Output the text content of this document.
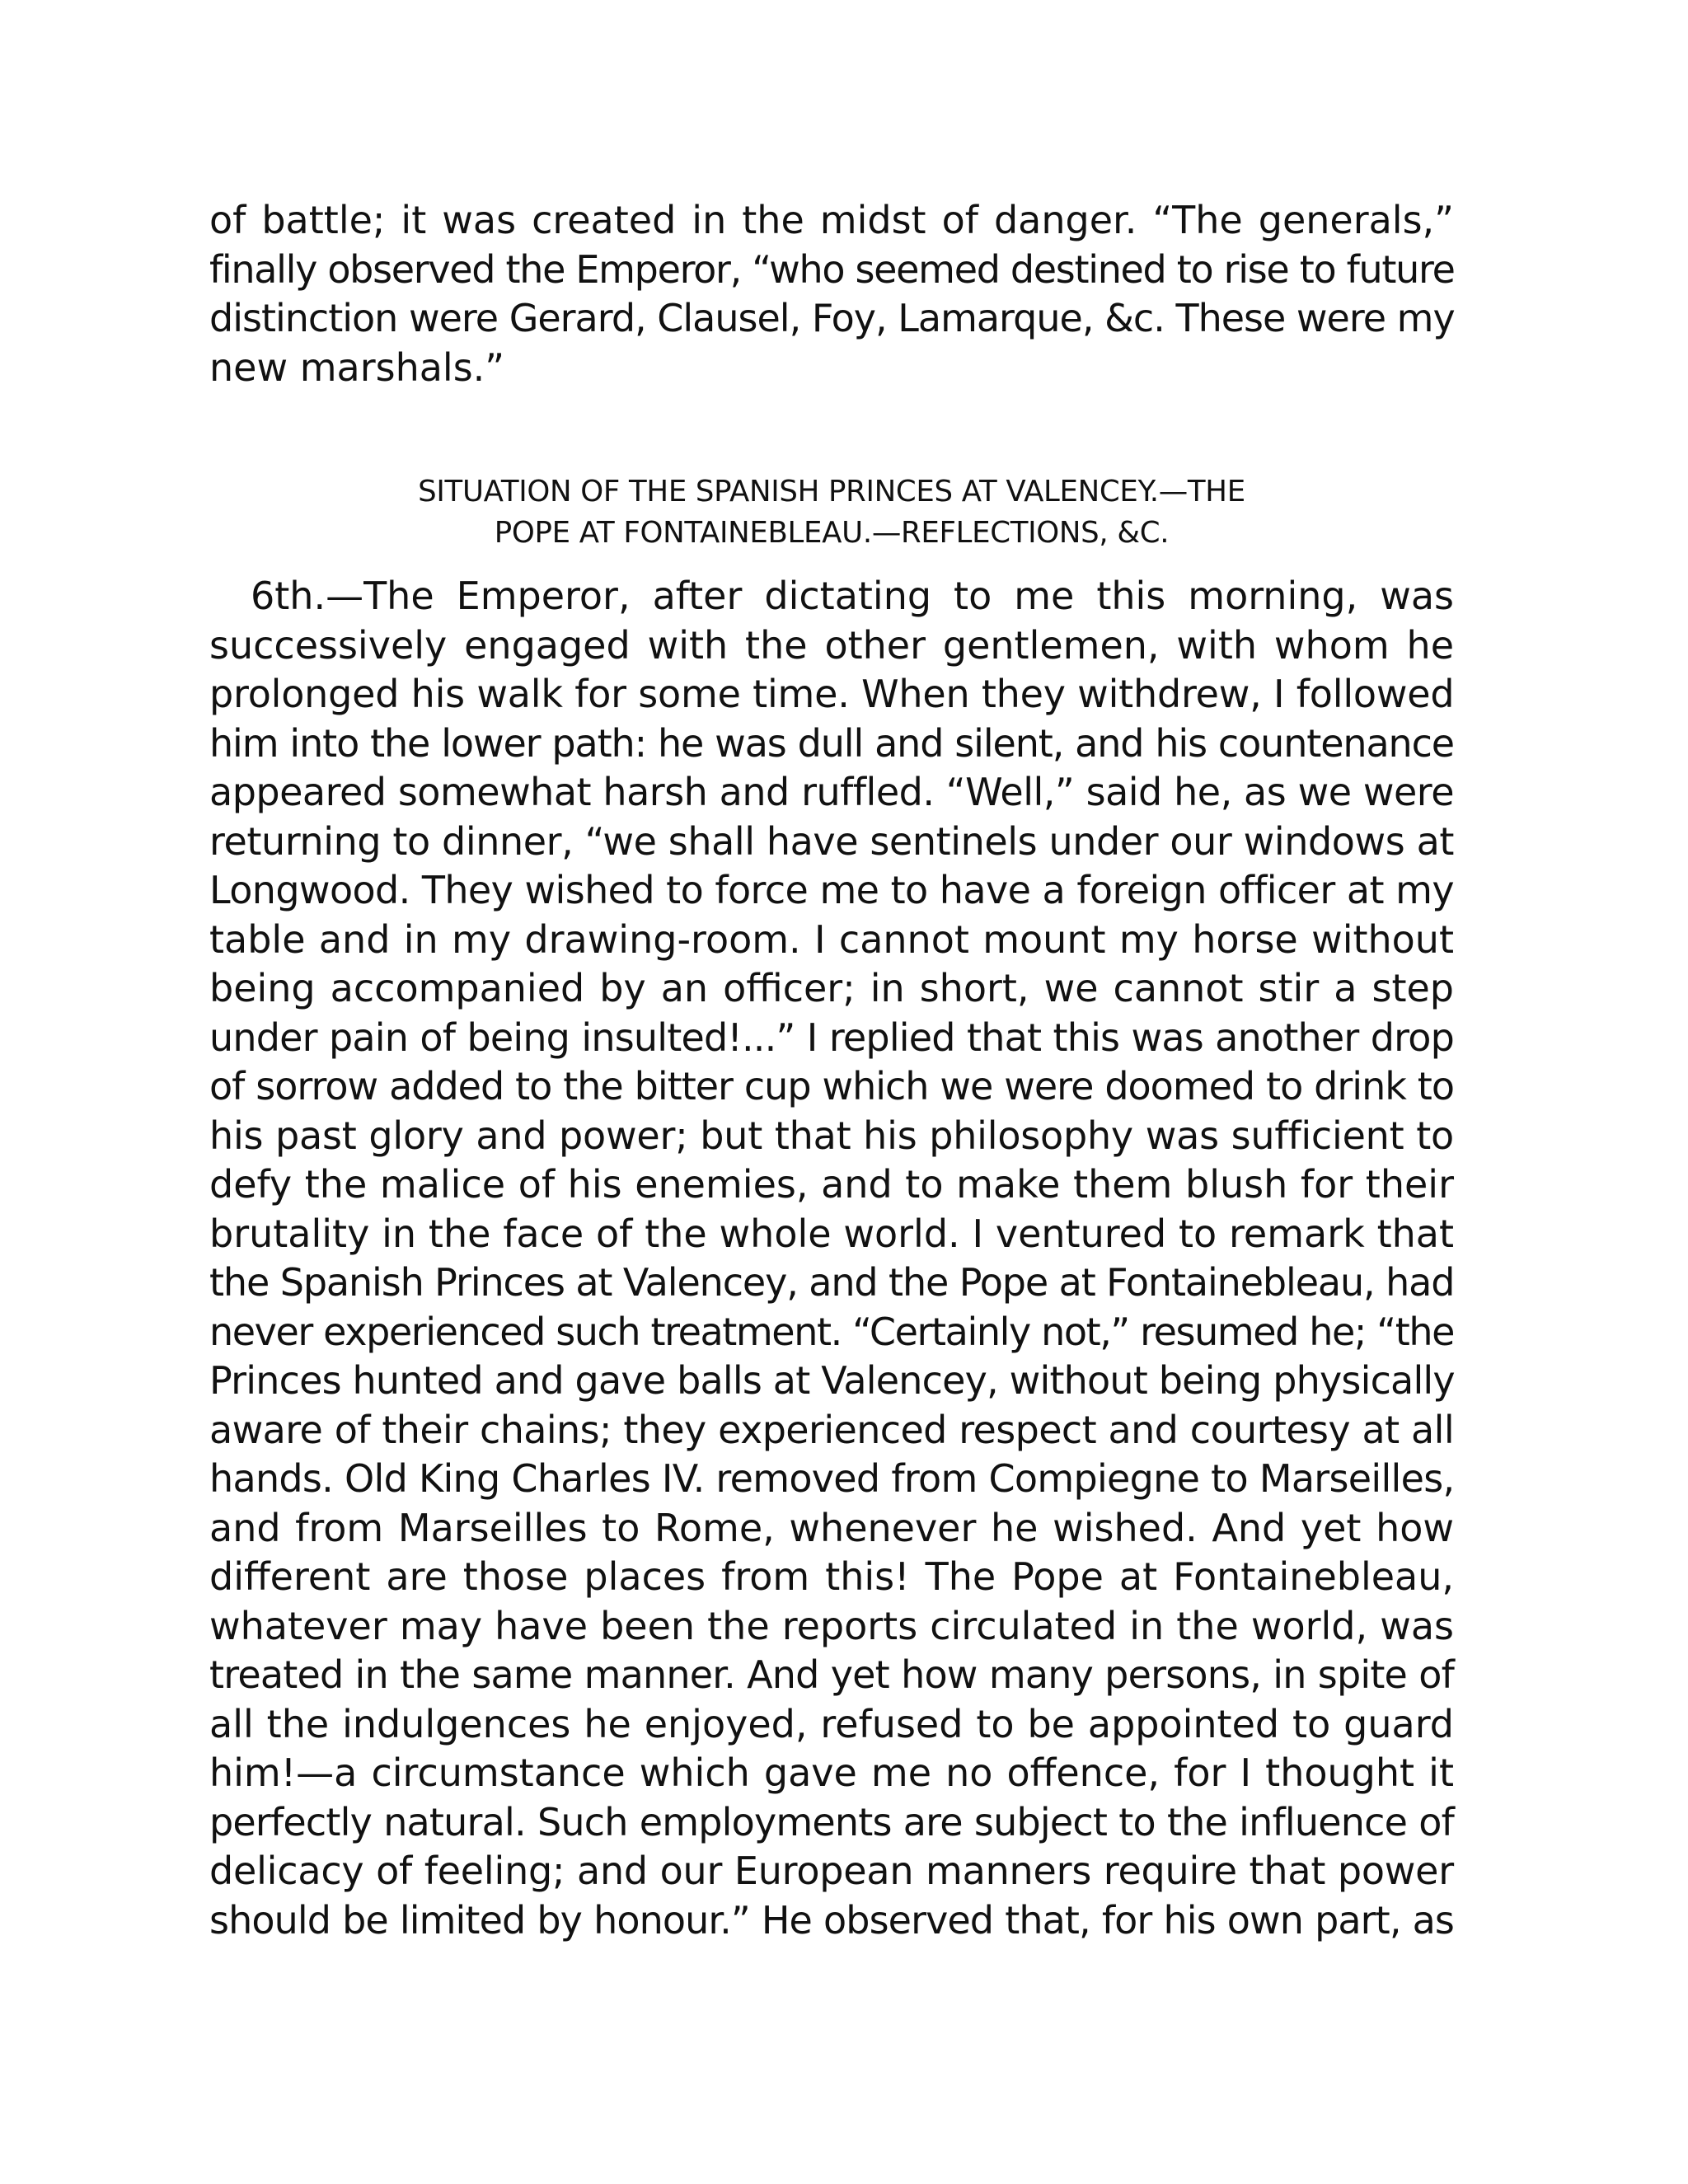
of battle; it was created in the midst of danger. “The generals,”
finally observed the Emperor, “who seemed destined to rise to future
distinction were Gerard, Clausel, Foy, Lamarque, &c. These were my
new marshals.”
SITUATION OF THE SPANISH PRINCES AT VALENCEY.—THE
POPE AT FONTAINEBLEAU.—REFLECTIONS, &C.
6th.—The Emperor, after dictating to me this morning, was
successively engaged with the other gentlemen, with whom he
prolonged his walk for some time. When they withdrew, I followed
him into the lower path: he was dull and silent, and his countenance
appeared somewhat harsh and ruffled. “Well,” said he, as we were
returning to dinner, “we shall have sentinels under our windows at
Longwood. They wished to force me to have a foreign officer at my
table and in my drawing-room. I cannot mount my horse without
being accompanied by an officer; in short, we cannot stir a step
under pain of being insulted!...” I replied that this was another drop
of sorrow added to the bitter cup which we were doomed to drink to
his past glory and power; but that his philosophy was sufficient to
defy the malice of his enemies, and to make them blush for their
brutality in the face of the whole world. I ventured to remark that
the Spanish Princes at Valencey, and the Pope at Fontainebleau, had
never experienced such treatment. “Certainly not,” resumed he; “the
Princes hunted and gave balls at Valencey, without being physically
aware of their chains; they experienced respect and courtesy at all
hands. Old King Charles IV. removed from Compiegne to Marseilles,
and from Marseilles to Rome, whenever he wished. And yet how
different are those places from this! The Pope at Fontainebleau,
whatever may have been the reports circulated in the world, was
treated in the same manner. And yet how many persons, in spite of
all the indulgences he enjoyed, refused to be appointed to guard
him!—a circumstance which gave me no offence, for I thought it
perfectly natural. Such employments are subject to the influence of
delicacy of feeling; and our European manners require that power
should be limited by honour.” He observed that, for his own part, as
